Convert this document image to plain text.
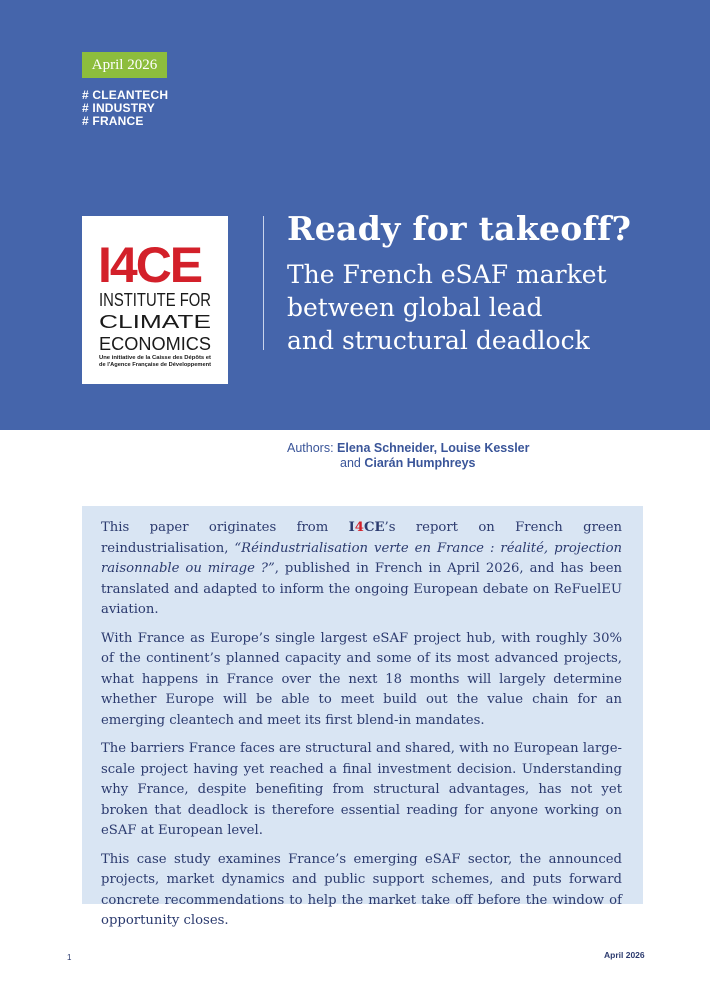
April 2026
# CLEANTECH
# INDUSTRY
# FRANCE
I4CE
INSTITUTE FOR
CLIMATE
ECONOMICS
Une initiative de la Caisse des Dépôts et
de l'Agence Française de Développement
Ready for takeoff?
The French eSAF market
between global lead
and structural deadlock
Authors: Elena Schneider, Louise Kessler
and Ciarán Humphreys

This paper originates from I4CE’s report on French green reindustrialisation, “Réindustrialisation verte en France : réalité, projection raisonnable ou mirage ?”, published in French in April 2026, and has been translated and adapted to inform the ongoing European debate on ReFuelEU aviation.

With France as Europe’s single largest eSAF project hub, with roughly 30% of the continent’s planned capacity and some of its most advanced projects, what happens in France over the next 18 months will largely determine whether Europe will be able to meet build out the value chain for an emerging cleantech and meet its first blend-in mandates.

The barriers France faces are structural and shared, with no European large-scale project having yet reached a final investment decision. Understanding why France, despite benefiting from structural advantages, has not yet broken that deadlock is therefore essential reading for anyone working on eSAF at European level.

This case study examines France’s emerging eSAF sector, the announced projects, market dynamics and public support schemes, and puts forward concrete recommendations to help the market take off before the window of opportunity closes.

1	April 2026
